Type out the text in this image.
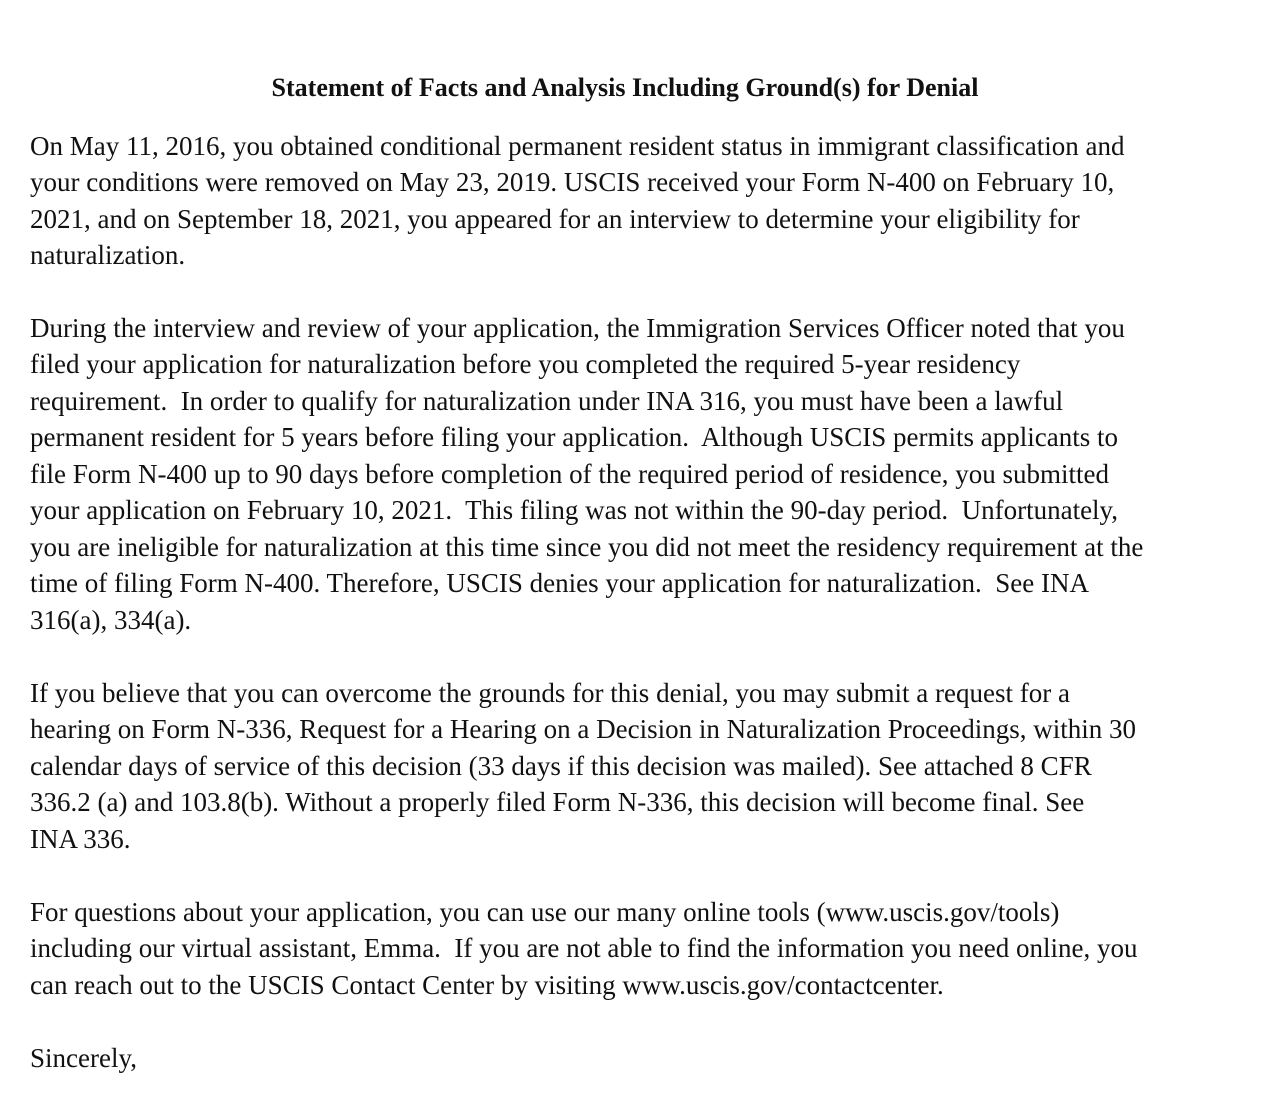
Statement of Facts and Analysis Including Ground(s) for Denial
On May 11, 2016, you obtained conditional permanent resident status in immigrant classification and
your conditions were removed on May 23, 2019. USCIS received your Form N-400 on February 10,
2021, and on September 18, 2021, you appeared for an interview to determine your eligibility for
naturalization.
During the interview and review of your application, the Immigration Services Officer noted that you
filed your application for naturalization before you completed the required 5-year residency
requirement.  In order to qualify for naturalization under INA 316, you must have been a lawful
permanent resident for 5 years before filing your application.  Although USCIS permits applicants to
file Form N-400 up to 90 days before completion of the required period of residence, you submitted
your application on February 10, 2021.  This filing was not within the 90-day period.  Unfortunately,
you are ineligible for naturalization at this time since you did not meet the residency requirement at the
time of filing Form N-400. Therefore, USCIS denies your application for naturalization.  See INA
316(a), 334(a).
If you believe that you can overcome the grounds for this denial, you may submit a request for a
hearing on Form N-336, Request for a Hearing on a Decision in Naturalization Proceedings, within 30
calendar days of service of this decision (33 days if this decision was mailed). See attached 8 CFR
336.2 (a) and 103.8(b). Without a properly filed Form N-336, this decision will become final. See
INA 336.
For questions about your application, you can use our many online tools (www.uscis.gov/tools)
including our virtual assistant, Emma.  If you are not able to find the information you need online, you
can reach out to the USCIS Contact Center by visiting www.uscis.gov/contactcenter.
Sincerely,
